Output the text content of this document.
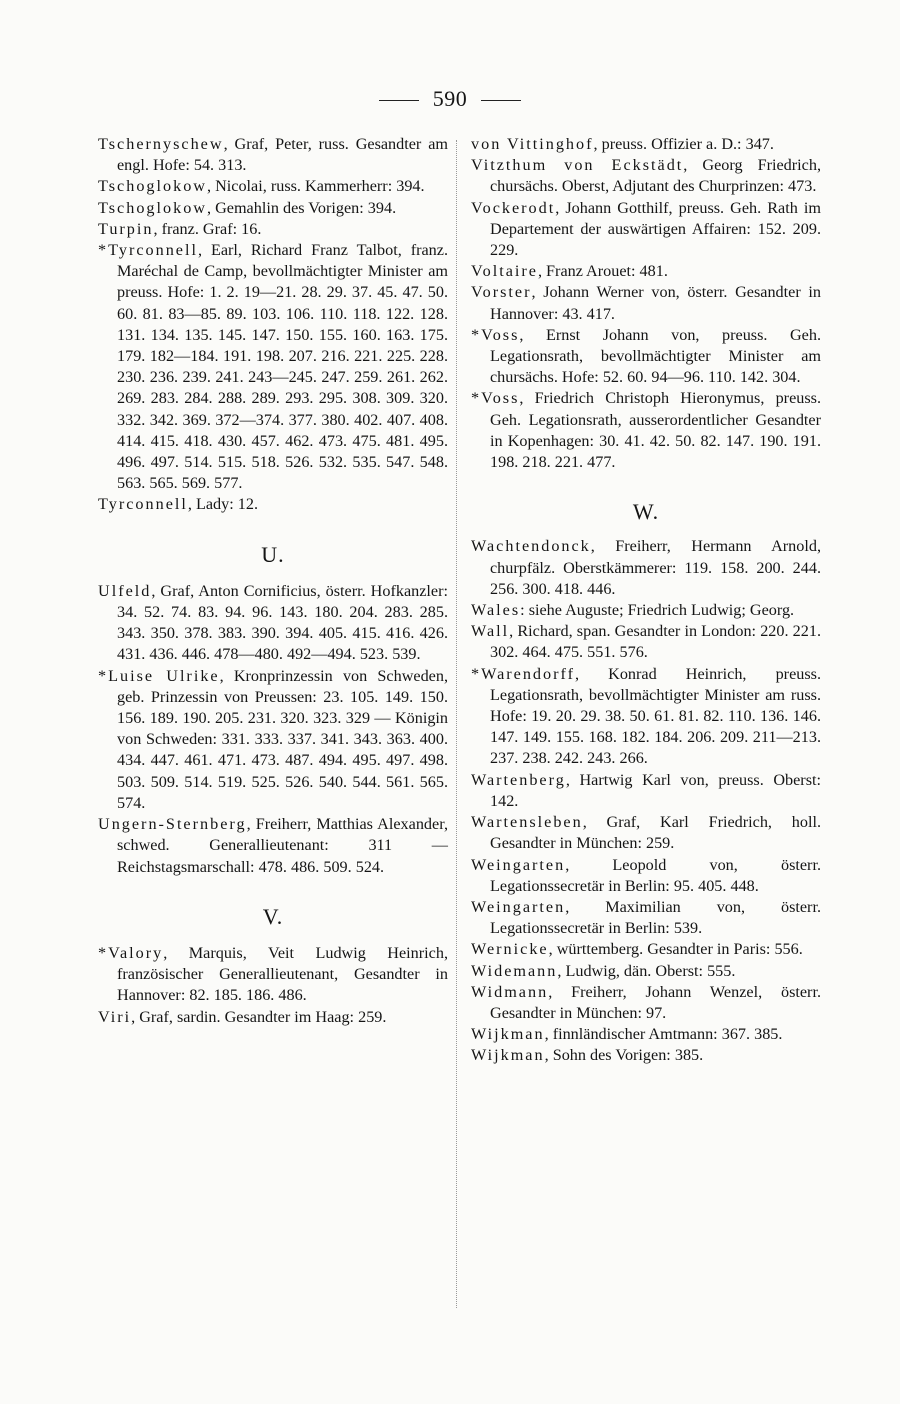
590

Tschernyschew, Graf, Peter, russ. Gesandter am engl. Hofe: 54. 313.

Tschoglokow, Nicolai, russ. Kammerherr: 394.

Tschoglokow, Gemahlin des Vorigen: 394.

Turpin, franz. Graf: 16.

*Tyrconnell, Earl, Richard Franz Talbot, franz. Maréchal de Camp, bevollmächtigter Minister am preuss. Hofe: 1. 2. 19—21. 28. 29. 37. 45. 47. 50. 60. 81. 83—85. 89. 103. 106. 110. 118. 122. 128. 131. 134. 135. 145. 147. 150. 155. 160. 163. 175. 179. 182—184. 191. 198. 207. 216. 221. 225. 228. 230. 236. 239. 241. 243—245. 247. 259. 261. 262. 269. 283. 284. 288. 289. 293. 295. 308. 309. 320. 332. 342. 369. 372—374. 377. 380. 402. 407. 408. 414. 415. 418. 430. 457. 462. 473. 475. 481. 495. 496. 497. 514. 515. 518. 526. 532. 535. 547. 548. 563. 565. 569. 577.

Tyrconnell, Lady: 12.

U.

Ulfeld, Graf, Anton Cornificius, österr. Hofkanzler: 34. 52. 74. 83. 94. 96. 143. 180. 204. 283. 285. 343. 350. 378. 383. 390. 394. 405. 415. 416. 426. 431. 436. 446. 478—480. 492—494. 523. 539.

*Luise Ulrike, Kronprinzessin von Schweden, geb. Prinzessin von Preussen: 23. 105. 149. 150. 156. 189. 190. 205. 231. 320. 323. 329 — Königin von Schweden: 331. 333. 337. 341. 343. 363. 400. 434. 447. 461. 471. 473. 487. 494. 495. 497. 498. 503. 509. 514. 519. 525. 526. 540. 544. 561. 565. 574.

Ungern-Sternberg, Freiherr, Matthias Alexander, schwed. Generallieutenant: 311 — Reichstagsmarschall: 478. 486. 509. 524.

V.

*Valory, Marquis, Veit Ludwig Heinrich, französischer Generallieutenant, Gesandter in Hannover: 82. 185. 186. 486.

Viri, Graf, sardin. Gesandter im Haag: 259.

von Vittinghof, preuss. Offizier a. D.: 347.

Vitzthum von Eckstädt, Georg Friedrich, chursächs. Oberst, Adjutant des Churprinzen: 473.

Vockerodt, Johann Gotthilf, preuss. Geh. Rath im Departement der auswärtigen Affairen: 152. 209. 229.

Voltaire, Franz Arouet: 481.

Vorster, Johann Werner von, österr. Gesandter in Hannover: 43. 417.

*Voss, Ernst Johann von, preuss. Geh. Legationsrath, bevollmächtigter Minister am chursächs. Hofe: 52. 60. 94—96. 110. 142. 304.

*Voss, Friedrich Christoph Hieronymus, preuss. Geh. Legationsrath, ausserordentlicher Gesandter in Kopenhagen: 30. 41. 42. 50. 82. 147. 190. 191. 198. 218. 221. 477.

W.

Wachtendonck, Freiherr, Hermann Arnold, churpfälz. Oberstkämmerer: 119. 158. 200. 244. 256. 300. 418. 446.

Wales: siehe Auguste; Friedrich Ludwig; Georg.

Wall, Richard, span. Gesandter in London: 220. 221. 302. 464. 475. 551. 576.

*Warendorff, Konrad Heinrich, preuss. Legationsrath, bevollmächtigter Minister am russ. Hofe: 19. 20. 29. 38. 50. 61. 81. 82. 110. 136. 146. 147. 149. 155. 168. 182. 184. 206. 209. 211—213. 237. 238. 242. 243. 266.

Wartenberg, Hartwig Karl von, preuss. Oberst: 142.

Wartensleben, Graf, Karl Friedrich, holl. Gesandter in München: 259.

Weingarten, Leopold von, österr. Legationssecretär in Berlin: 95. 405. 448.

Weingarten, Maximilian von, österr. Legationssecretär in Berlin: 539.

Wernicke, württemberg. Gesandter in Paris: 556.

Widemann, Ludwig, dän. Oberst: 555.

Widmann, Freiherr, Johann Wenzel, österr. Gesandter in München: 97.

Wijkman, finnländischer Amtmann: 367. 385.

Wijkman, Sohn des Vorigen: 385.
